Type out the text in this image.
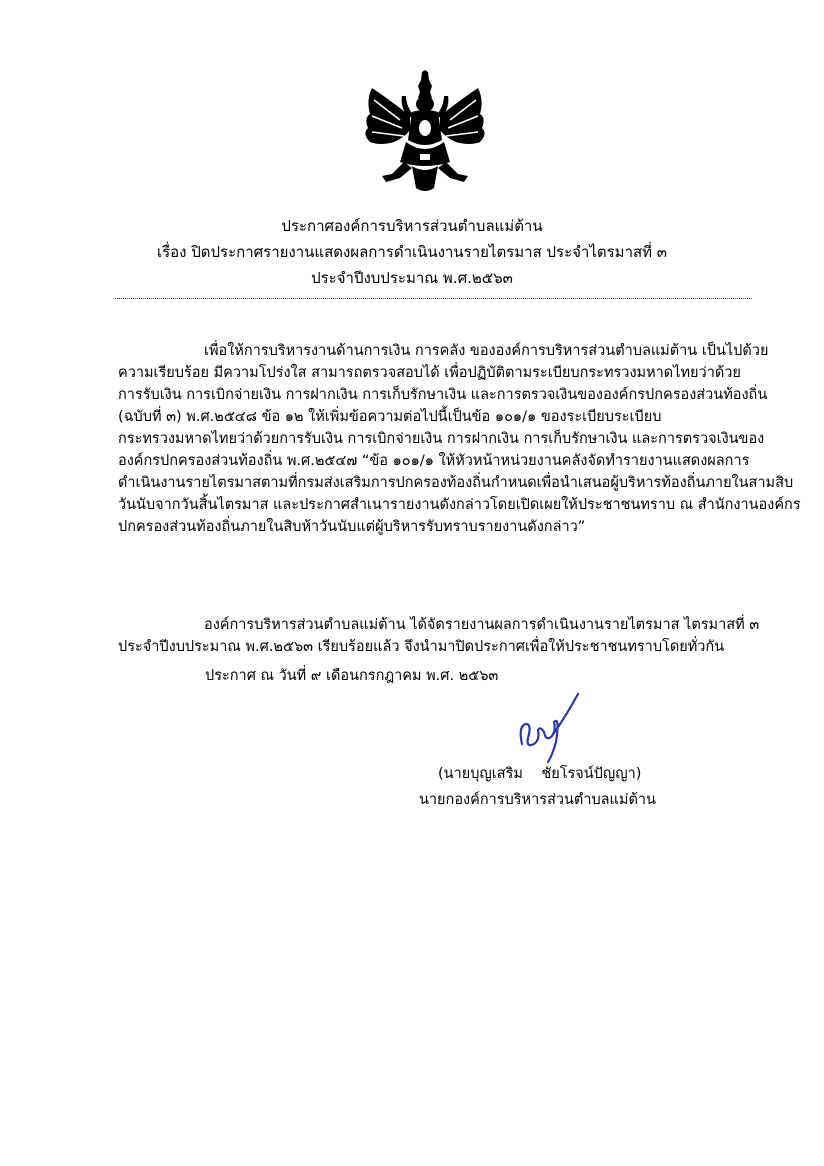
ประกาศองค์การบริหารส่วนตำบลแม่ต้าน
เรื่อง ปิดประกาศรายงานแสดงผลการดำเนินงานรายไตรมาส ประจำไตรมาสที่ ๓
ประจำปีงบประมาณ พ.ศ.๒๕๖๓
เพื่อให้การบริหารงานด้านการเงิน การคลัง ขององค์การบริหารส่วนตำบลแม่ต้าน เป็นไปด้วย
ความเรียบร้อย มีความโปร่งใส สามารถตรวจสอบได้ เพื่อปฏิบัติตามระเบียบกระทรวงมหาดไทยว่าด้วย
การรับเงิน การเบิกจ่ายเงิน การฝากเงิน การเก็บรักษาเงิน และการตรวจเงินขององค์กรปกครองส่วนท้องถิ่น
(ฉบับที่ ๓) พ.ศ.๒๕๔๘ ข้อ ๑๒ ให้เพิ่มข้อความต่อไปนี้เป็นข้อ ๑๐๑/๑ ของระเบียบระเบียบ
กระทรวงมหาดไทยว่าด้วยการรับเงิน การเบิกจ่ายเงิน การฝากเงิน การเก็บรักษาเงิน และการตรวจเงินของ
องค์กรปกครองส่วนท้องถิ่น พ.ศ.๒๕๔๗ “ข้อ ๑๐๑/๑ ให้หัวหน้าหน่วยงานคลังจัดทำรายงานแสดงผลการ
ดำเนินงานรายไตรมาสตามที่กรมส่งเสริมการปกครองท้องถิ่นกำหนดเพื่อนำเสนอผู้บริหารท้องถิ่นภายในสามสิบ
วันนับจากวันสิ้นไตรมาส และประกาศสำเนารายงานดังกล่าวโดยเปิดเผยให้ประชาชนทราบ ณ สำนักงานองค์กร
ปกครองส่วนท้องถิ่นภายในสิบห้าวันนับแต่ผู้บริหารรับทราบรายงานดังกล่าว”
องค์การบริหารส่วนตำบลแม่ต้าน ได้จัดรายงานผลการดำเนินงานรายไตรมาส ไตรมาสที่ ๓
ประจำปีงบประมาณ พ.ศ.๒๕๖๓ เรียบร้อยแล้ว จึงนำมาปิดประกาศเพื่อให้ประชาชนทราบโดยทั่วกัน
ประกาศ ณ วันที่ ๙ เดือนกรกฎาคม พ.ศ. ๒๕๖๓
(นายบุญเสริม    ชัยโรจน์ปัญญา)
นายกองค์การบริหารส่วนตำบลแม่ต้าน
